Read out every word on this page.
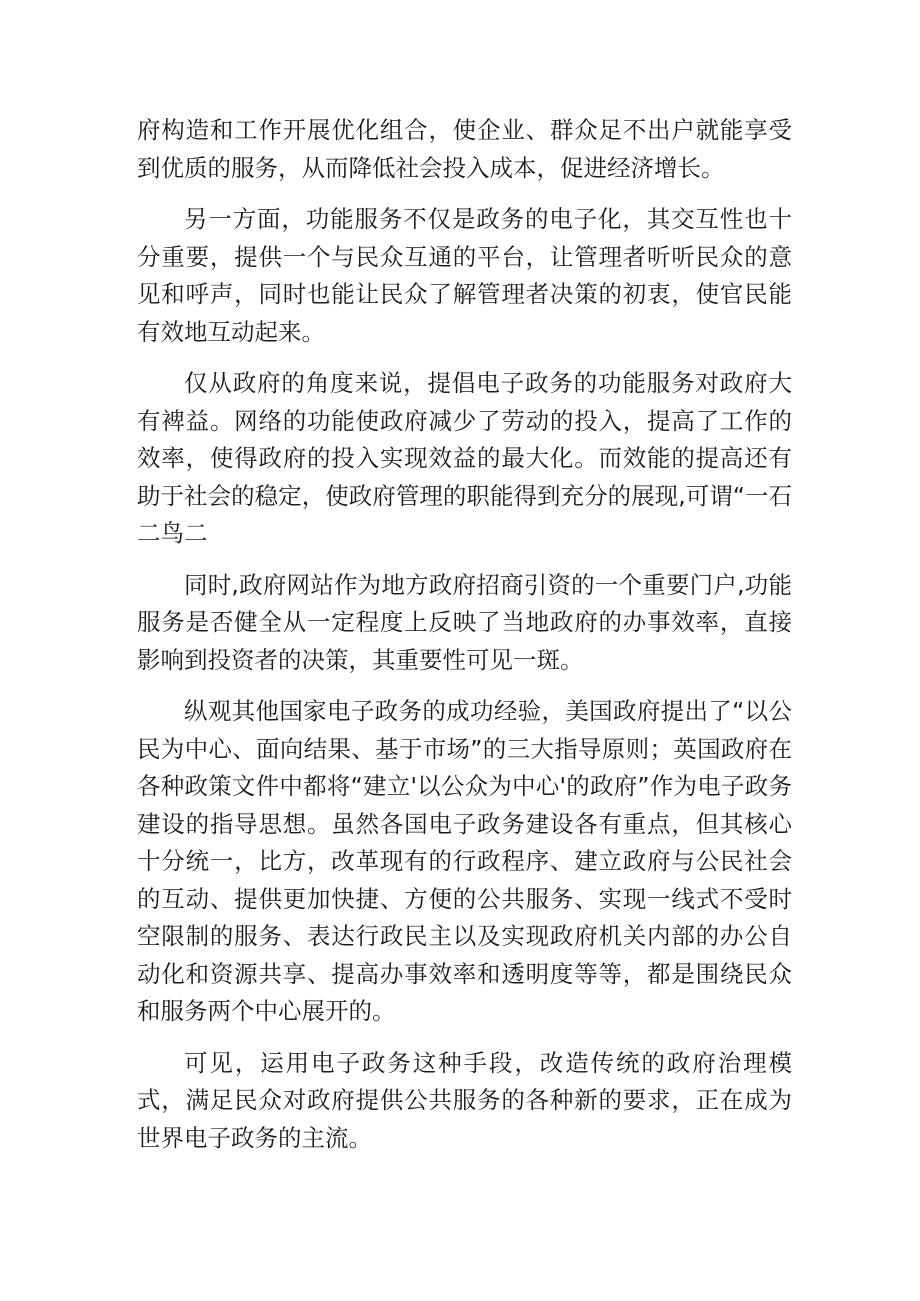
府构造和工作开展优化组合，使企业、群众足不出户就能享受到优质的服务，从而降低社会投入成本，促进经济增长。

另一方面，功能服务不仅是政务的电子化，其交互性也十分重要，提供一个与民众互通的平台，让管理者听听民众的意见和呼声，同时也能让民众了解管理者决策的初衷，使官民能有效地互动起来。

仅从政府的角度来说，提倡电子政务的功能服务对政府大有裨益。网络的功能使政府减少了劳动的投入，提高了工作的效率，使得政府的投入实现效益的最大化。而效能的提高还有助于社会的稳定，使政府管理的职能得到充分的展现,可谓“一石二鸟二

同时,政府网站作为地方政府招商引资的一个重要门户,功能服务是否健全从一定程度上反映了当地政府的办事效率，直接影响到投资者的决策，其重要性可见一斑。

纵观其他国家电子政务的成功经验，美国政府提出了“以公民为中心、面向结果、基于市场”的三大指导原则；英国政府在各种政策文件中都将“建立'以公众为中心'的政府”作为电子政务建设的指导思想。虽然各国电子政务建设各有重点，但其核心十分统一，比方，改革现有的行政程序、建立政府与公民社会的互动、提供更加快捷、方便的公共服务、实现一线式不受时空限制的服务、表达行政民主以及实现政府机关内部的办公自动化和资源共享、提高办事效率和透明度等等，都是围绕民众和服务两个中心展开的。

可见，运用电子政务这种手段，改造传统的政府治理模式，满足民众对政府提供公共服务的各种新的要求，正在成为世界电子政务的主流。
